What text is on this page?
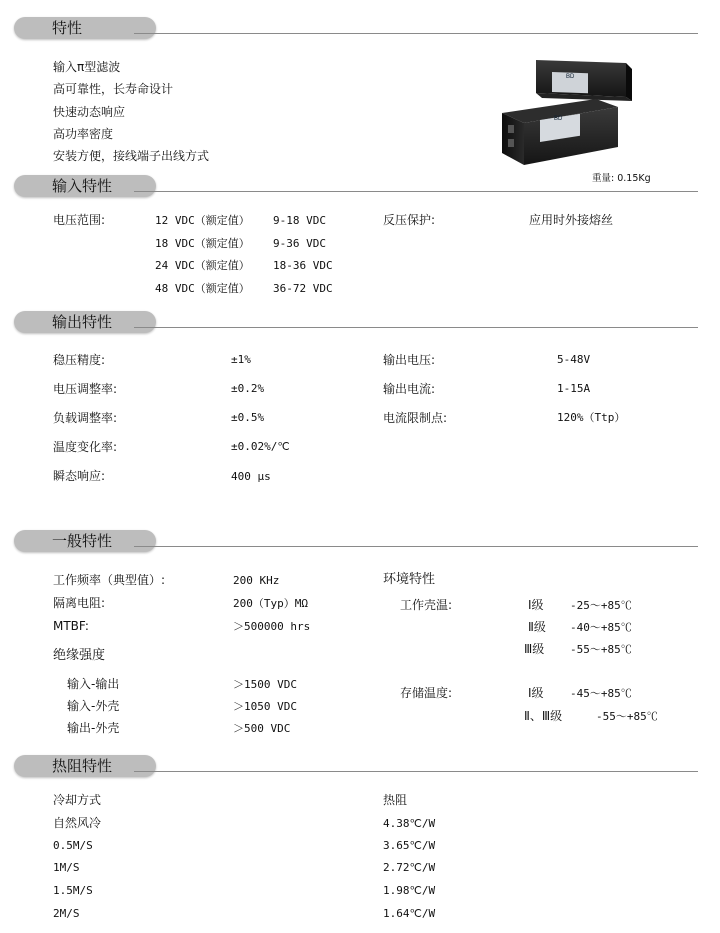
特性
输入π型滤波
高可靠性，长寿命设计
快速动态响应
高功率密度
安装方便，接线端子出线方式
BD
BD
重量: 0.15Kg
输入特性
电压范围:	12 VDC（额定值） 9-18 VDC
18 VDC（额定值） 9-36 VDC
24 VDC（额定值） 18-36 VDC
48 VDC（额定值） 36-72 VDC
反压保护:	应用时外接熔丝
输出特性
稳压精度:	±1%
电压调整率:	±0.2%
负载调整率:	±0.5%
温度变化率:	±0.02%/℃
瞬态响应:	400 μs
输出电压:	5-48V
输出电流:	1-15A
电流限制点:	120%（Ttp）
一般特性
工作频率（典型值）:	200 KHz
隔离电阻:	200（Typ）MΩ
MTBF:	＞500000 hrs
绝缘强度
输入-输出	＞1500 VDC
输入-外壳	＞1050 VDC
输出-外壳	＞500 VDC
环境特性
工作壳温:	Ⅰ级 -25～+85℃
Ⅱ级 -40～+85℃
Ⅲ级 -55～+85℃
存储温度:	Ⅰ级 -45～+85℃
Ⅱ、Ⅲ级	-55～+85℃
热阻特性
冷却方式	热阻
自然风冷	4.38℃/W
0.5M/S	3.65℃/W
1M/S	2.72℃/W
1.5M/S	1.98℃/W
2M/S	1.64℃/W
